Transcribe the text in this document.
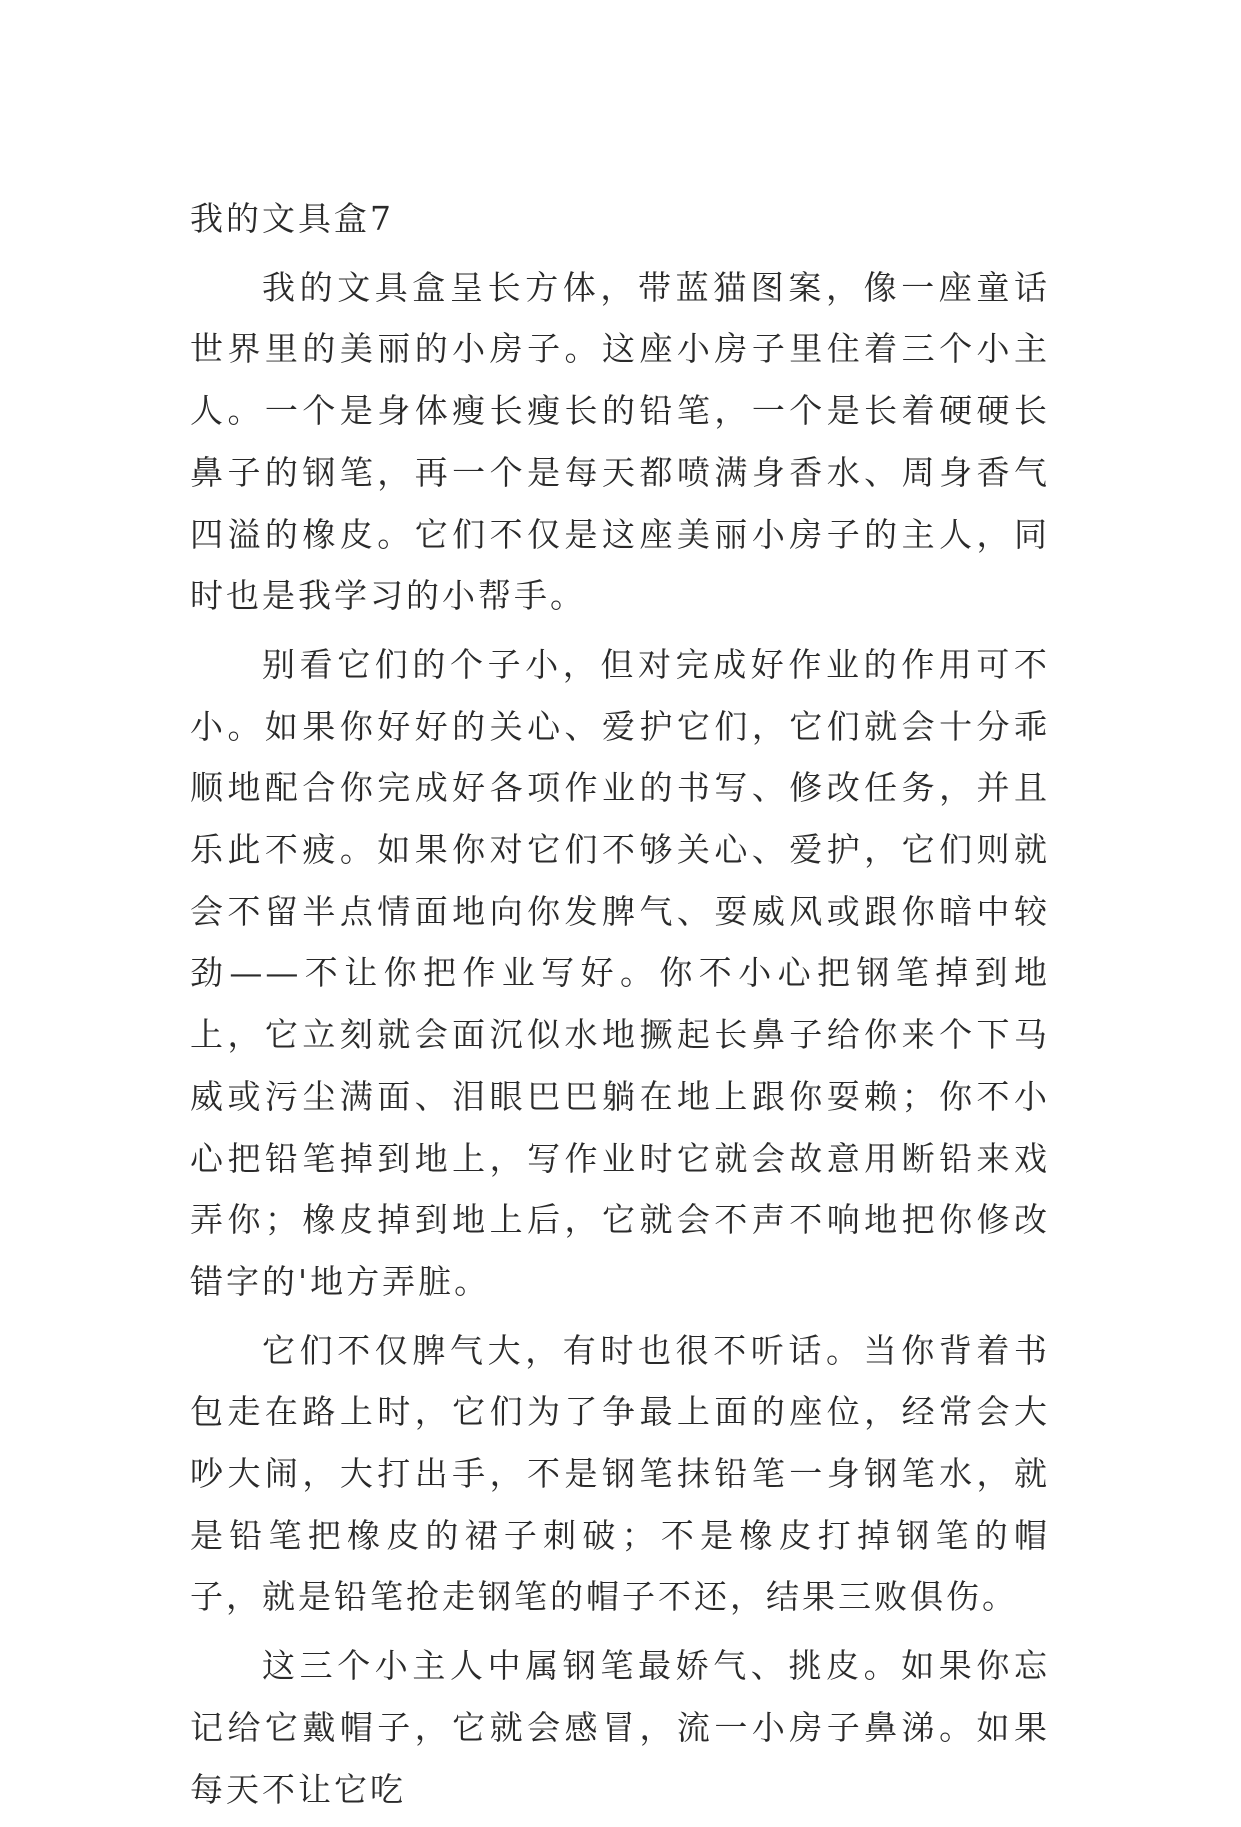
我的文具盒7

我的文具盒呈长方体，带蓝猫图案，像一座童话世界里的美丽的小房子。这座小房子里住着三个小主人。一个是身体瘦长瘦长的铅笔，一个是长着硬硬长鼻子的钢笔，再一个是每天都喷满身香水、周身香气四溢的橡皮。它们不仅是这座美丽小房子的主人，同时也是我学习的小帮手。

别看它们的个子小，但对完成好作业的作用可不小。如果你好好的关心、爱护它们，它们就会十分乖顺地配合你完成好各项作业的书写、修改任务，并且乐此不疲。如果你对它们不够关心、爱护，它们则就会不留半点情面地向你发脾气、耍威风或跟你暗中较劲——不让你把作业写好。你不小心把钢笔掉到地上，它立刻就会面沉似水地撅起长鼻子给你来个下马威或污尘满面、泪眼巴巴躺在地上跟你耍赖；你不小心把铅笔掉到地上，写作业时它就会故意用断铅来戏弄你；橡皮掉到地上后，它就会不声不响地把你修改错字的'地方弄脏。

它们不仅脾气大，有时也很不听话。当你背着书包走在路上时，它们为了争最上面的座位，经常会大吵大闹，大打出手，不是钢笔抹铅笔一身钢笔水，就是铅笔把橡皮的裙子刺破；不是橡皮打掉钢笔的帽子，就是铅笔抢走钢笔的帽子不还，结果三败俱伤。

这三个小主人中属钢笔最娇气、挑皮。如果你忘记给它戴帽子，它就会感冒，流一小房子鼻涕。如果每天不让它吃
